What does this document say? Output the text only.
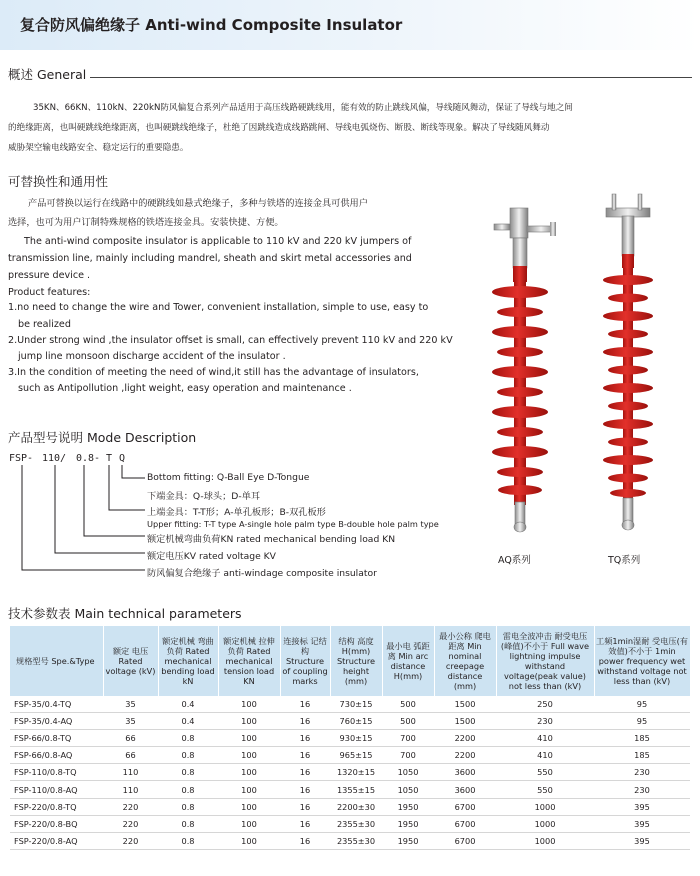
复合防风偏绝缘子 Anti-wind Composite Insulator
概述 General
35KN、66KN、110kN、220kN防风偏复合系列产品适用于高压线路硬跳线用，能有效的防止跳线风偏，导线随风舞动，保证了导线与地之间
的绝缘距离，也叫硬跳线绝缘距离，也叫硬跳线绝缘子，杜绝了因跳线造成线路跳闸、导线电弧烧伤、断股、断线等现象。解决了导线随风舞动
威胁架空输电线路安全、稳定运行的重要隐患。
可替换性和通用性
产品可替换以运行在线路中的硬跳线如悬式绝缘子，多种与铁塔的连接金具可供用户
选择，也可为用户订制特殊规格的铁塔连接金具。安装快捷、方便。
The anti-wind composite insulator is applicable to 110 kV and 220 kV jumpers of
transmission line, mainly including mandrel, sheath and skirt metal accessories and
pressure device .
Product features:
1.no need to change the wire and Tower, convenient installation, simple to use, easy to
be realized
2.Under strong wind ,the insulator offset is small, can effectively prevent 110 kV and 220 kV
jump line monsoon discharge accident of the insulator .
3.In the condition of meeting the need of wind,it still has the advantage of insulators,
such as Antipollution ,light weight, easy operation and maintenance .
产品型号说明 Mode Description
FSP- 110/ 0.8- T Q
Bottom fitting: Q-Ball Eye D-Tongue
下端金具：Q-球头；D-单耳
上端金具：T-T形；A-单孔板形；B-双孔板形
Upper fitting: T-T type A-single hole palm type B-double hole palm type
额定机械弯曲负荷KN rated mechanical bending load KN
额定电压KV rated voltage KV
防风偏复合绝缘子 anti-windage composite insulator
AQ系列	TQ系列
技术参数表 Main technical parameters
规格型号 Spe.&Type	额定 电压 Rated voltage (kV)	额定机械 弯曲负荷 Rated mechanical bending load kN	额定机械 拉伸负荷 Rated mechanical tension load KN	连接标 记结构 Structure of coupling marks	结构 高度 H(mm) Structure height (mm)	最小电 弧距离 Min arc distance H(mm)	最小公称 爬电距离 Min nominal creepage distance (mm)	雷电全波冲击 耐受电压(峰值)不小于 Full wave lightning impulse withstand voltage(peak value) not less than (kV)	工频1min湿耐 受电压(有效值)不小于 1min power frequency wet withstand voltage not less than (kV)
FSP-35/0.4-TQ	35	0.4	100	16	730±15	500	1500	250	95
FSP-35/0.4-AQ	35	0.4	100	16	760±15	500	1500	230	95
FSP-66/0.8-TQ	66	0.8	100	16	930±15	700	2200	410	185
FSP-66/0.8-AQ	66	0.8	100	16	965±15	700	2200	410	185
FSP-110/0.8-TQ	110	0.8	100	16	1320±15	1050	3600	550	230
FSP-110/0.8-AQ	110	0.8	100	16	1355±15	1050	3600	550	230
FSP-220/0.8-TQ	220	0.8	100	16	2200±30	1950	6700	1000	395
FSP-220/0.8-BQ	220	0.8	100	16	2355±30	1950	6700	1000	395
FSP-220/0.8-AQ	220	0.8	100	16	2355±30	1950	6700	1000	395
